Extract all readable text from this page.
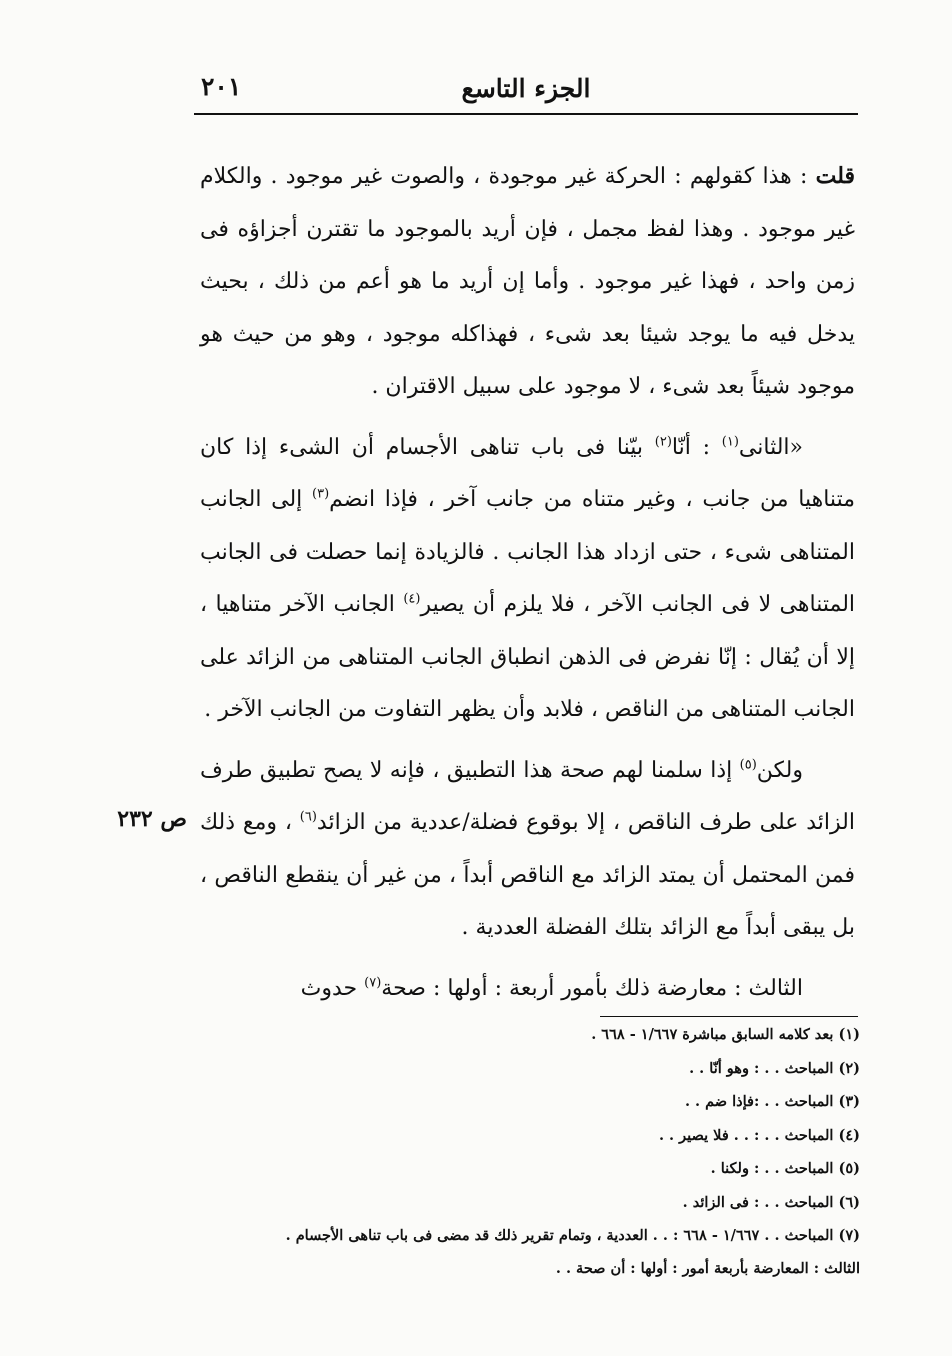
الجزء التاسع
٢٠١

قلت : هذا كقولهم : الحركة غير موجودة ، والصوت غير موجود . والكلام غير موجود . وهذا لفظ مجمل ، فإن أريد بالموجود ما تقترن أجزاؤه فى زمن واحد ، فهذا غير موجود . وأما إن أريد ما هو أعم من ذلك ، بحيث يدخل فيه ما يوجد شيئا بعد شىء ، فهذاكله موجود ، وهو من حيث هو موجود شيئاً بعد شىء ، لا موجود على سبيل الاقتران .

«الثانى$^{(١)}$ : أنّا$^{(٢)}$ بيّنا فى باب تناهى الأجسام أن الشىء إذا كان متناهيا من جانب ، وغير متناه من جانب آخر ، فإذا انضم$^{(٣)}$ إلى الجانب المتناهى شىء ، حتى ازداد هذا الجانب . فالزيادة إنما حصلت فى الجانب المتناهى لا فى الجانب الآخر ، فلا يلزم أن يصير$^{(٤)}$ الجانب الآخر متناهيا ، إلا أن يُقال : إنّا نفرض فى الذهن انطباق الجانب المتناهى من الزائد على الجانب المتناهى من الناقص ، فلابد وأن يظهر التفاوت من الجانب الآخر .

ولكن$^{(٥)}$ إذا سلمنا لهم صحة هذا التطبيق ، فإنه لا يصح تطبيق طرف الزائد على طرف الناقص ، إلا بوقوع فضلة/عددية من الزائد$^{(٦)}$ ، ومع ذلك فمن المحتمل أن يمتد الزائد مع الناقص أبداً ، من غير أن ينقطع الناقص ، بل يبقى أبداً مع الزائد بتلك الفضلة العددية .

الثالث : معارضة ذلك بأمور أربعة : أولها : صحة$^{(٧)}$ حدوث

ص ٢٣٢
(١) بعد كلامه السابق مباشرة ١/٦٦٧ - ٦٦٨ .
(٢) المباحث . . : وهو أنّا . .
(٣) المباحث . . :فإذا ضم . .
(٤) المباحث . . : . . فلا يصير . .
(٥) المباحث . . : ولكنا .
(٦) المباحث . . : فى الزائد .
(٧) المباحث . . ١/٦٦٧ - ٦٦٨ : . . العددية ، وتمام تقرير ذلك قد مضى فى باب تناهى الأجسام .
الثالث : المعارضة بأربعة أمور : أولها : أن صحة . .
